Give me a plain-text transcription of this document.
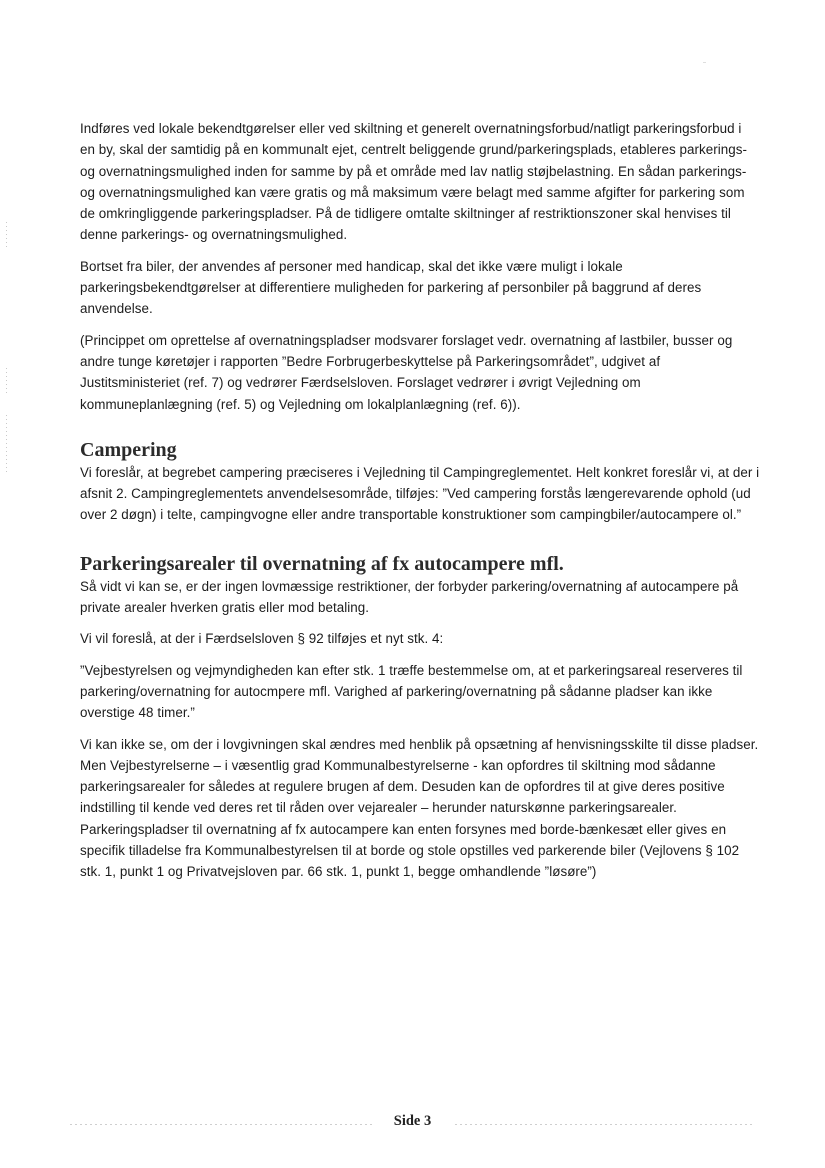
Indføres ved lokale bekendtgørelser eller ved skiltning et generelt overnatningsforbud/natligt parkeringsforbud i en by, skal der samtidig på en kommunalt ejet, centrelt beliggende grund/parkeringsplads, etableres parkerings- og overnatningsmulighed inden for samme by på et område med lav natlig støjbelastning. En sådan parkerings- og overnatningsmulighed kan være gratis og må maksimum være belagt med samme afgifter for parkering som de omkringliggende parkeringspladser. På de tidligere omtalte skiltninger af restriktionszoner skal henvises til denne parkerings- og overnatningsmulighed.

Bortset fra biler, der anvendes af personer med handicap, skal det ikke være muligt i lokale parkeringsbekendtgørelser at differentiere muligheden for parkering af personbiler på baggrund af deres anvendelse.

(Princippet om oprettelse af overnatningspladser modsvarer forslaget vedr. overnatning af lastbiler, busser og andre tunge køretøjer i rapporten ”Bedre Forbrugerbeskyttelse på Parkeringsområdet”, udgivet af Justitsministeriet (ref. 7) og vedrører Færdselsloven. Forslaget vedrører i øvrigt Vejledning om kommuneplanlægning (ref. 5) og Vejledning om lokalplanlægning (ref. 6)).

Campering

Vi foreslår, at begrebet campering præciseres i Vejledning til Campingreglementet. Helt konkret foreslår vi, at der i afsnit 2. Campingreglementets anvendelsesområde, tilføjes: ”Ved campering forstås længerevarende ophold (ud over 2 døgn) i telte, campingvogne eller andre transportable konstruktioner som campingbiler/autocampere ol.”

Parkeringsarealer til overnatning af fx autocampere mfl.

Så vidt vi kan se, er der ingen lovmæssige restriktioner, der forbyder parkering/overnatning af autocampere på private arealer hverken gratis eller mod betaling.

Vi vil foreslå, at der i Færdselsloven § 92 tilføjes et nyt stk. 4:

”Vejbestyrelsen og vejmyndigheden kan efter stk. 1 træffe bestemmelse om, at et parkeringsareal reserveres til parkering/overnatning for autocmpere mfl. Varighed af parkering/overnatning på sådanne pladser kan ikke overstige 48 timer.”

Vi kan ikke se, om der i lovgivningen skal ændres med henblik på opsætning af henvisningsskilte til disse pladser. Men Vejbestyrelserne – i væsentlig grad Kommunalbestyrelserne - kan opfordres til skiltning mod sådanne parkeringsarealer for således at regulere brugen af dem. Desuden kan de opfordres til at give deres positive indstilling til kende ved deres ret til råden over vejarealer – herunder naturskønne parkeringsarealer. Parkeringspladser til overnatning af fx autocampere kan enten forsynes med borde-bænkesæt eller gives en specifik tilladelse fra Kommunalbestyrelsen til at borde og stole opstilles ved parkerende biler (Vejlovens § 102 stk. 1, punkt 1 og Privatvejsloven par. 66 stk. 1, punkt 1, begge omhandlende ”løsøre”)

Side 3
